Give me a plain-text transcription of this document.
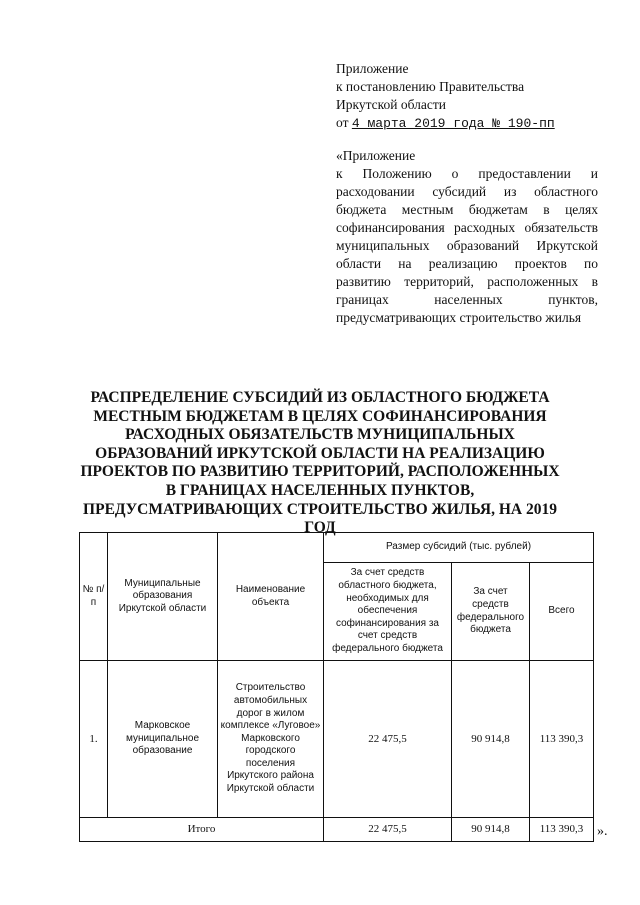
Приложение
к постановлению Правительства
Иркутской области
от 4 марта 2019 года № 190-пп
«Приложение
к Положению о предоставлении и расходовании субсидий из областного бюджета местным бюджетам в целях софинансирования расходных обязательств муниципальных образований Иркутской области на реализацию проектов по развитию территорий, расположенных в границах населенных пунктов, предусматривающих строительство жилья
РАСПРЕДЕЛЕНИЕ СУБСИДИЙ ИЗ ОБЛАСТНОГО БЮДЖЕТА МЕСТНЫМ БЮДЖЕТАМ В ЦЕЛЯХ СОФИНАНСИРОВАНИЯ РАСХОДНЫХ ОБЯЗАТЕЛЬСТВ МУНИЦИПАЛЬНЫХ ОБРАЗОВАНИЙ ИРКУТСКОЙ ОБЛАСТИ НА РЕАЛИЗАЦИЮ ПРОЕКТОВ ПО РАЗВИТИЮ ТЕРРИТОРИЙ, РАСПОЛОЖЕННЫХ В ГРАНИЦАХ НАСЕЛЕННЫХ ПУНКТОВ, ПРЕДУСМАТРИВАЮЩИХ СТРОИТЕЛЬСТВО ЖИЛЬЯ, НА 2019 ГОД
№ п/п	Муниципальные образования Иркутской области	Наименование объекта	Размер субсидий (тыс. рублей)		
			За счет средств областного бюджета, необходимых для обеспечения софинансирования за счет средств федерального бюджета	За счет средств федерального бюджета	Всего
1.	Марковское муниципальное образование	Строительство автомобильных дорог в жилом комплексе «Луговое» Марковского городского поселения Иркутского района Иркутской области	22 475,5	90 914,8	113 390,3
Итого			22 475,5	90 914,8	113 390,3 ».
